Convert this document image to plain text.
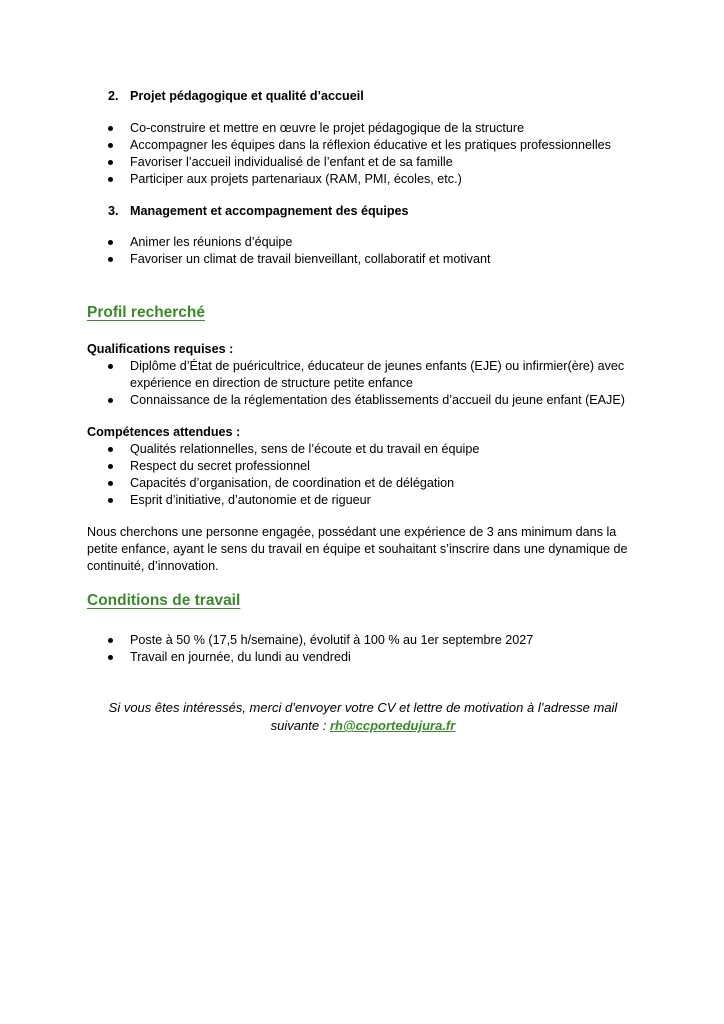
2. Projet pédagogique et qualité d’accueil
Co-construire et mettre en œuvre le projet pédagogique de la structure
Accompagner les équipes dans la réflexion éducative et les pratiques professionnelles
Favoriser l’accueil individualisé de l’enfant et de sa famille
Participer aux projets partenariaux (RAM, PMI, écoles, etc.)
3. Management et accompagnement des équipes
Animer les réunions d’équipe
Favoriser un climat de travail bienveillant, collaboratif et motivant
Profil recherché
Qualifications requises :
Diplôme d’État de puéricultrice, éducateur de jeunes enfants (EJE) ou infirmier(ère) avec expérience en direction de structure petite enfance
Connaissance de la réglementation des établissements d’accueil du jeune enfant (EAJE)
Compétences attendues :
Qualités relationnelles, sens de l’écoute et du travail en équipe
Respect du secret professionnel
Capacités d’organisation, de coordination et de délégation
Esprit d’initiative, d’autonomie et de rigueur
Nous cherchons une personne engagée, possédant une expérience de 3 ans minimum dans la petite enfance, ayant le sens du travail en équipe et souhaitant s’inscrire dans une dynamique de continuité, d’innovation.
Conditions de travail
Poste à 50 % (17,5 h/semaine), évolutif à 100 % au 1er septembre 2027
Travail en journée, du lundi au vendredi
Si vous êtes intéressés, merci d’envoyer votre CV et lettre de motivation à l’adresse mail suivante : rh@ccportedujura.fr
